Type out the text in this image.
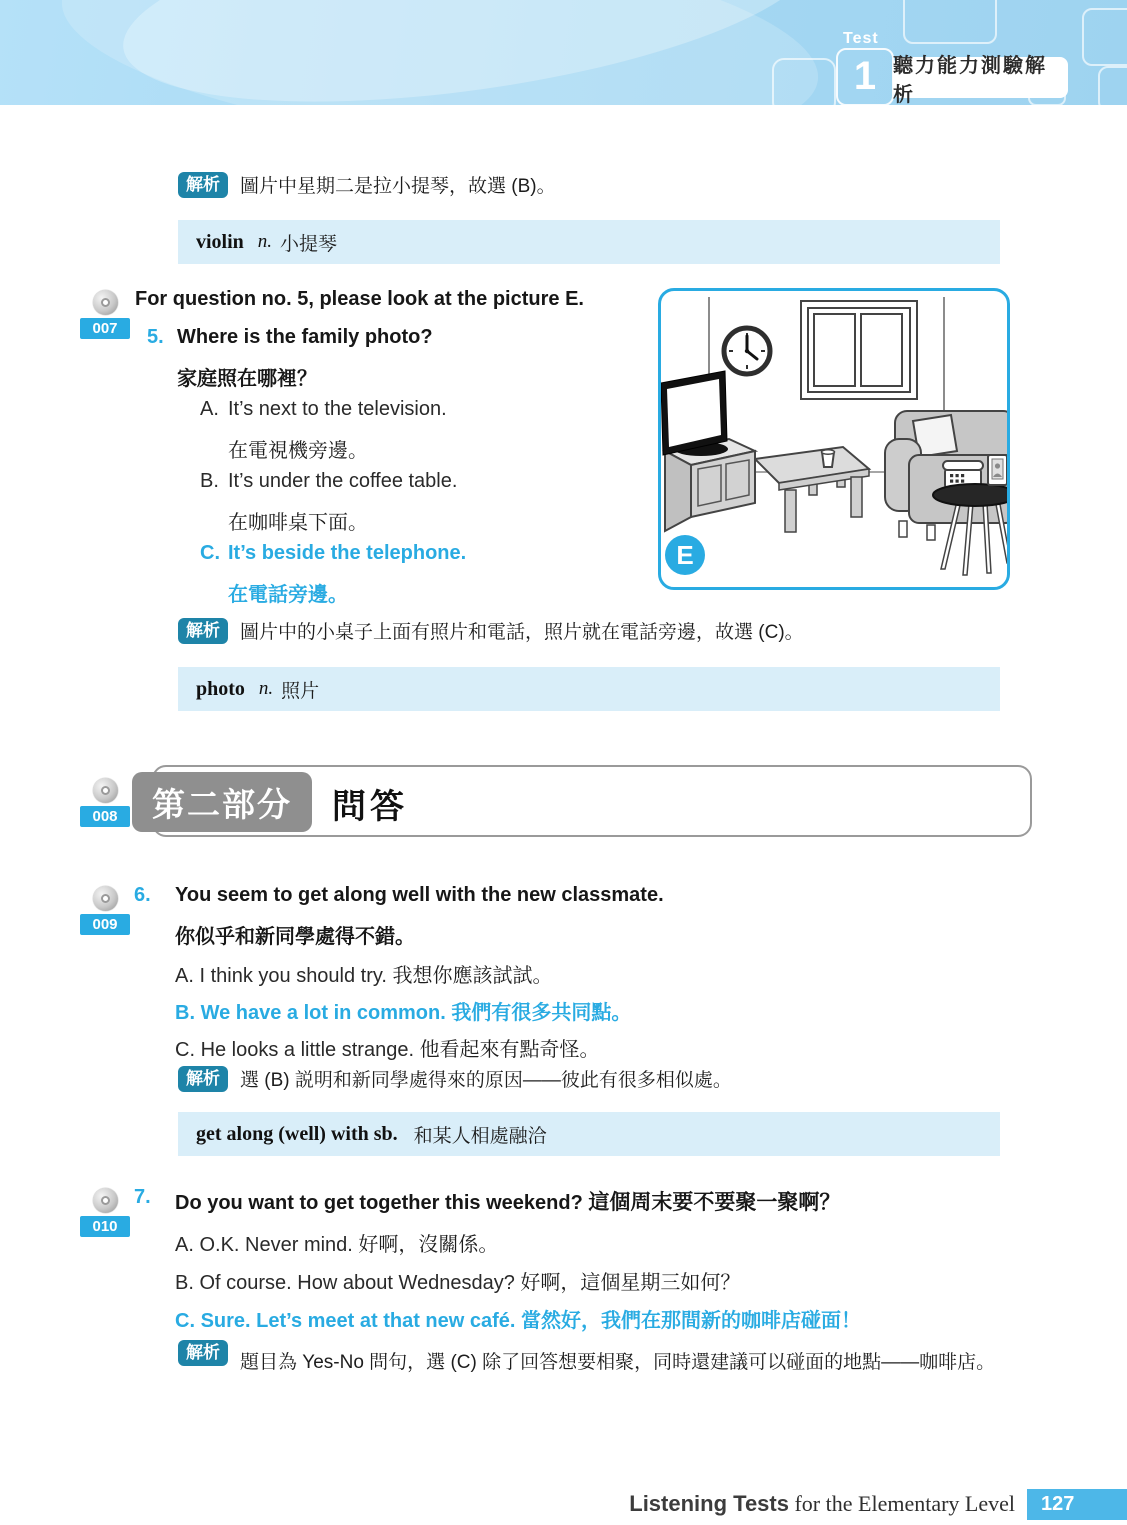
Test
1 聽力能力測驗解析
解析	圖片中星期二是拉小提琴，故選 (B)。
violin n. 小提琴
007
For question no. 5, please look at the picture E.
5. Where is the family photo?
家庭照在哪裡？
A. It’s next to the television.
在電視機旁邊。
B. It’s under the coffee table.
在咖啡桌下面。
C. It’s beside the telephone.
在電話旁邊。
E
解析	圖片中的小桌子上面有照片和電話，照片就在電話旁邊，故選 (C)。
photo n. 照片
008	第二部分	問答
009
6. You seem to get along well with the new classmate.
你似乎和新同學處得不錯。
A. I think you should try. 我想你應該試試。
B. We have a lot in common. 我們有很多共同點。
C. He looks a little strange. 他看起來有點奇怪。
解析	選 (B) 説明和新同學處得來的原因——彼此有很多相似處。
get along (well) with sb. 和某人相處融洽
010
7. Do you want to get together this weekend? 這個周末要不要聚一聚啊？
A. O.K. Never mind. 好啊，沒關係。
B. Of course. How about Wednesday? 好啊，這個星期三如何？
C. Sure. Let’s meet at that new café. 當然好，我們在那間新的咖啡店碰面！
解析	題目為 Yes-No 問句，選 (C) 除了回答想要相聚，同時還建議可以碰面的地點——咖啡店。
Listening Tests for the Elementary Level	127
